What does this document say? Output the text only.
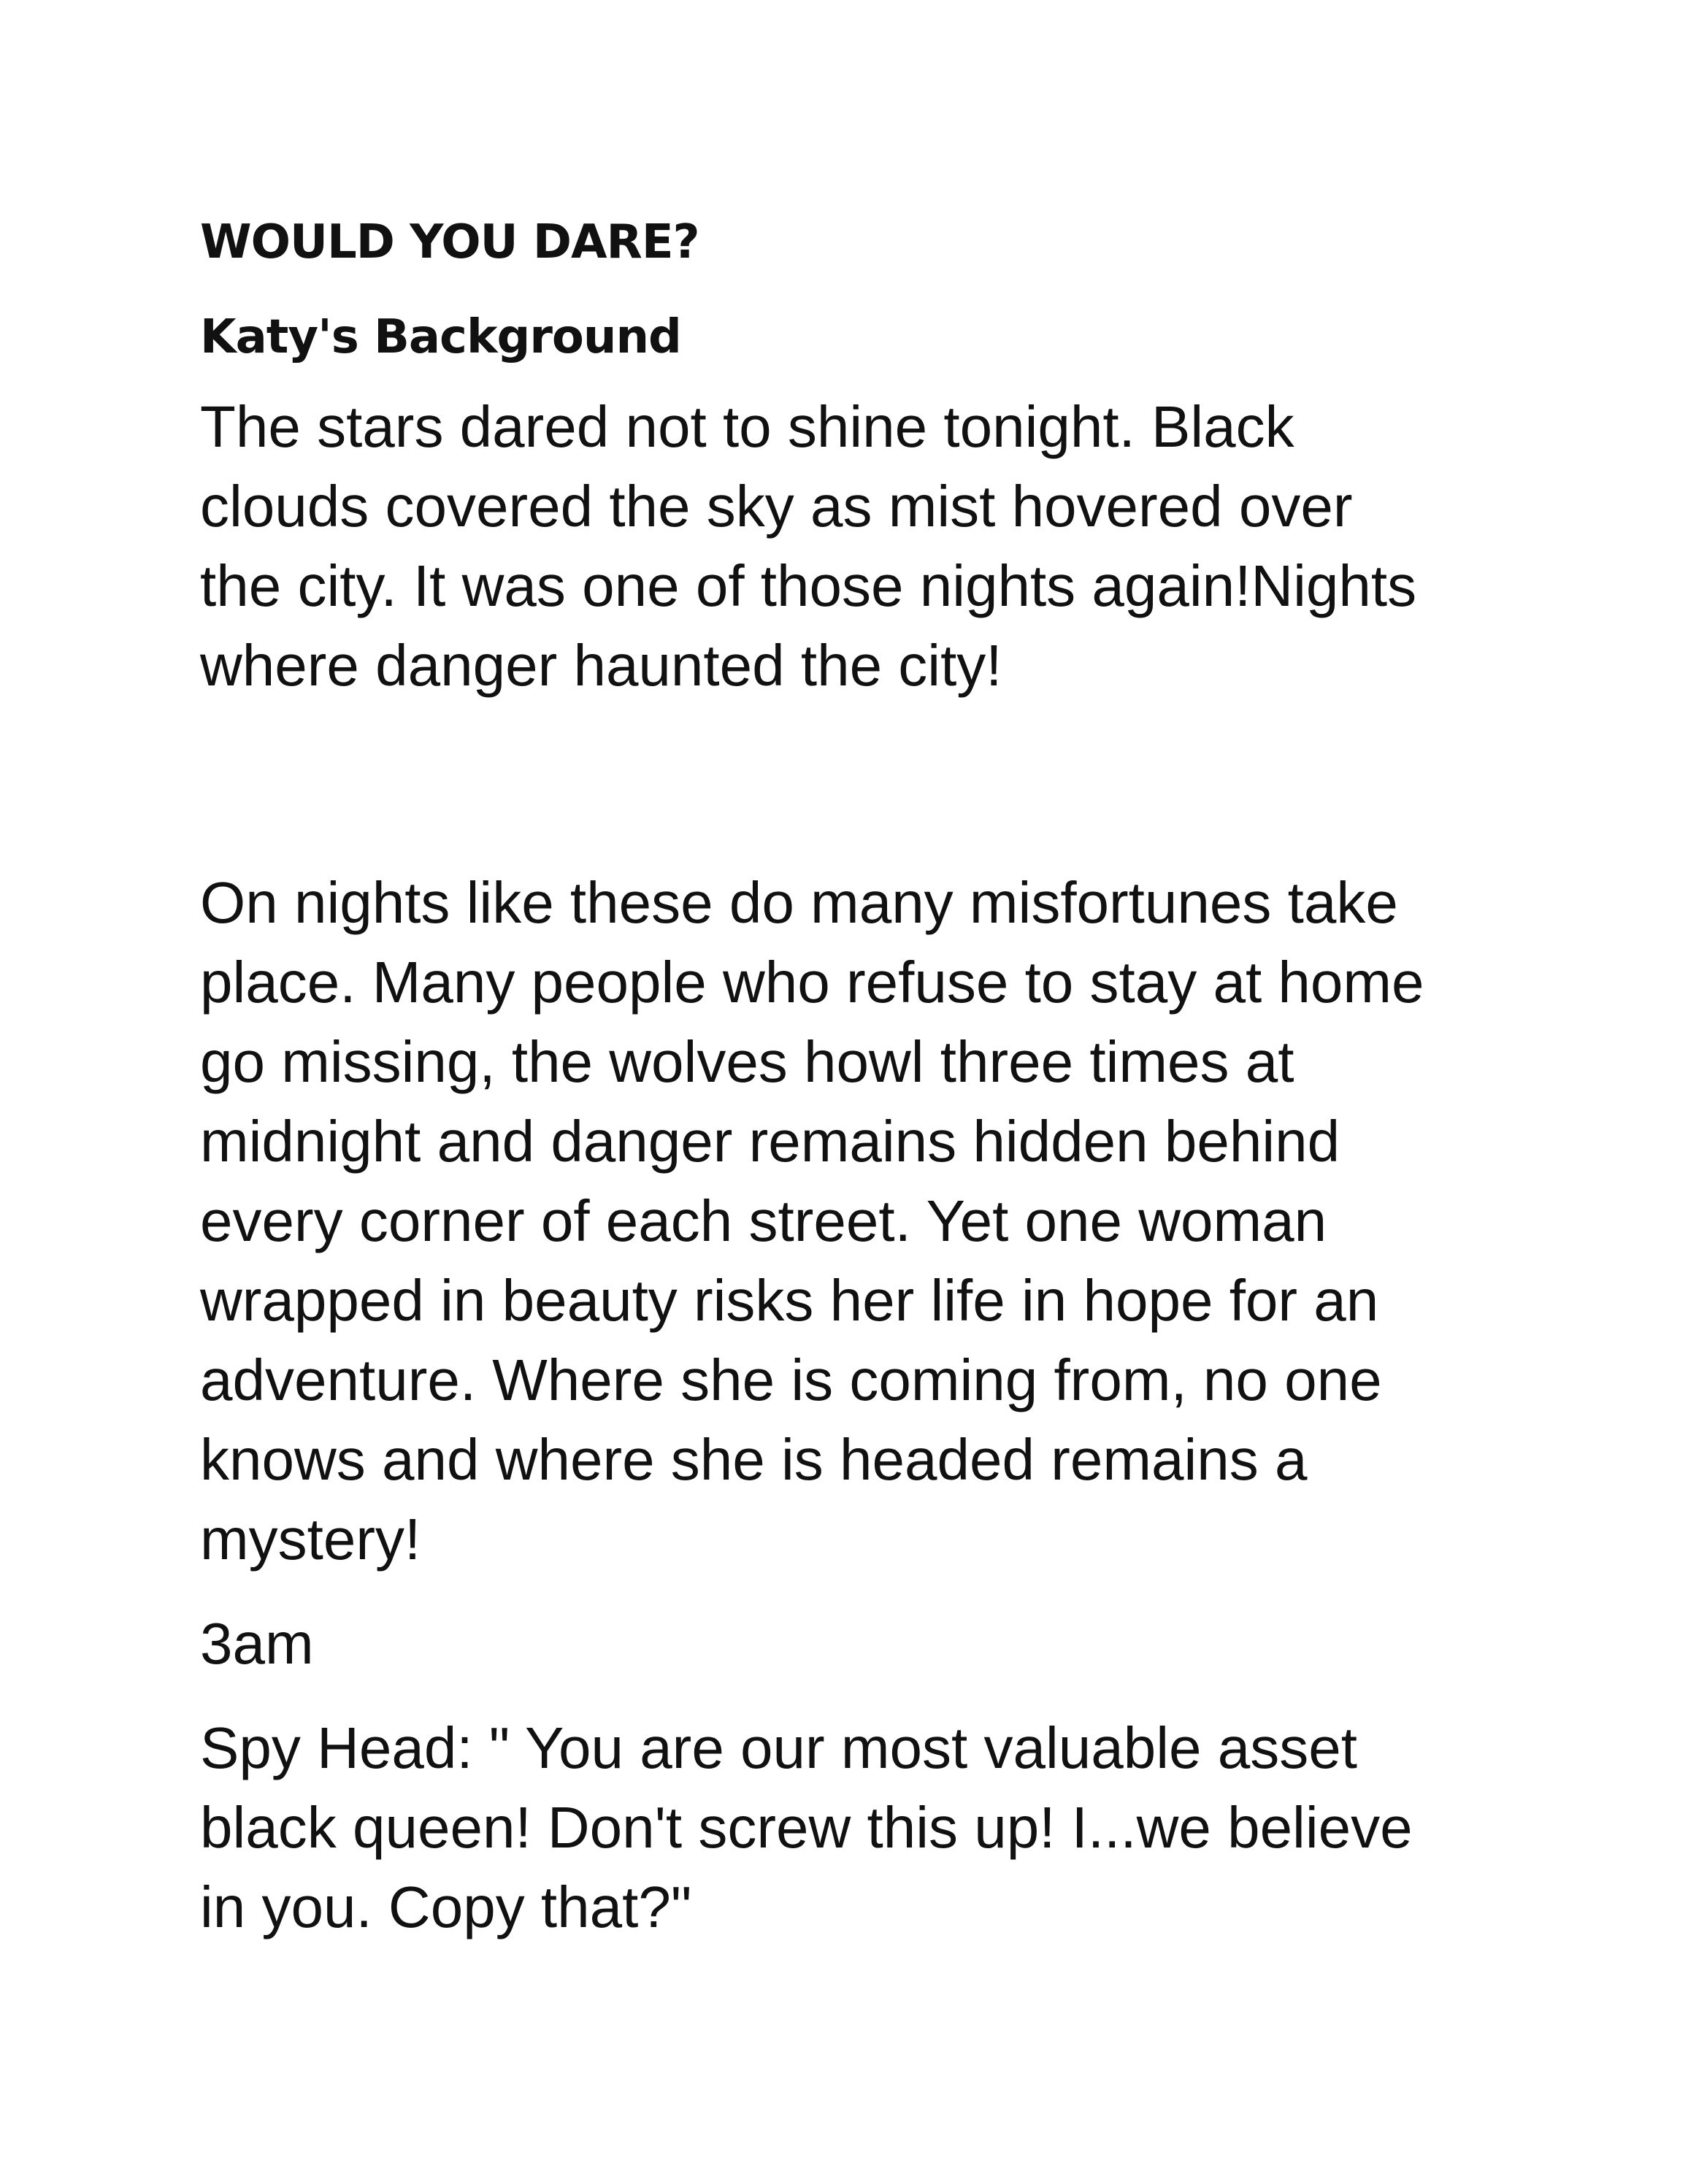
WOULD YOU DARE?
Katy's Background
The stars dared not to shine tonight. Black
clouds covered the sky as mist hovered over
the city. It was one of those nights again!Nights
where danger haunted the city!
On nights like these do many misfortunes take
place. Many people who refuse to stay at home
go missing, the wolves howl three times at
midnight and danger remains hidden behind
every corner of each street. Yet one woman
wrapped in beauty risks her life in hope for an
adventure. Where she is coming from, no one
knows and where she is headed remains a
mystery!
3am
Spy Head: " You are our most valuable asset
black queen! Don't screw this up! I...we believe
in you. Copy that?"
